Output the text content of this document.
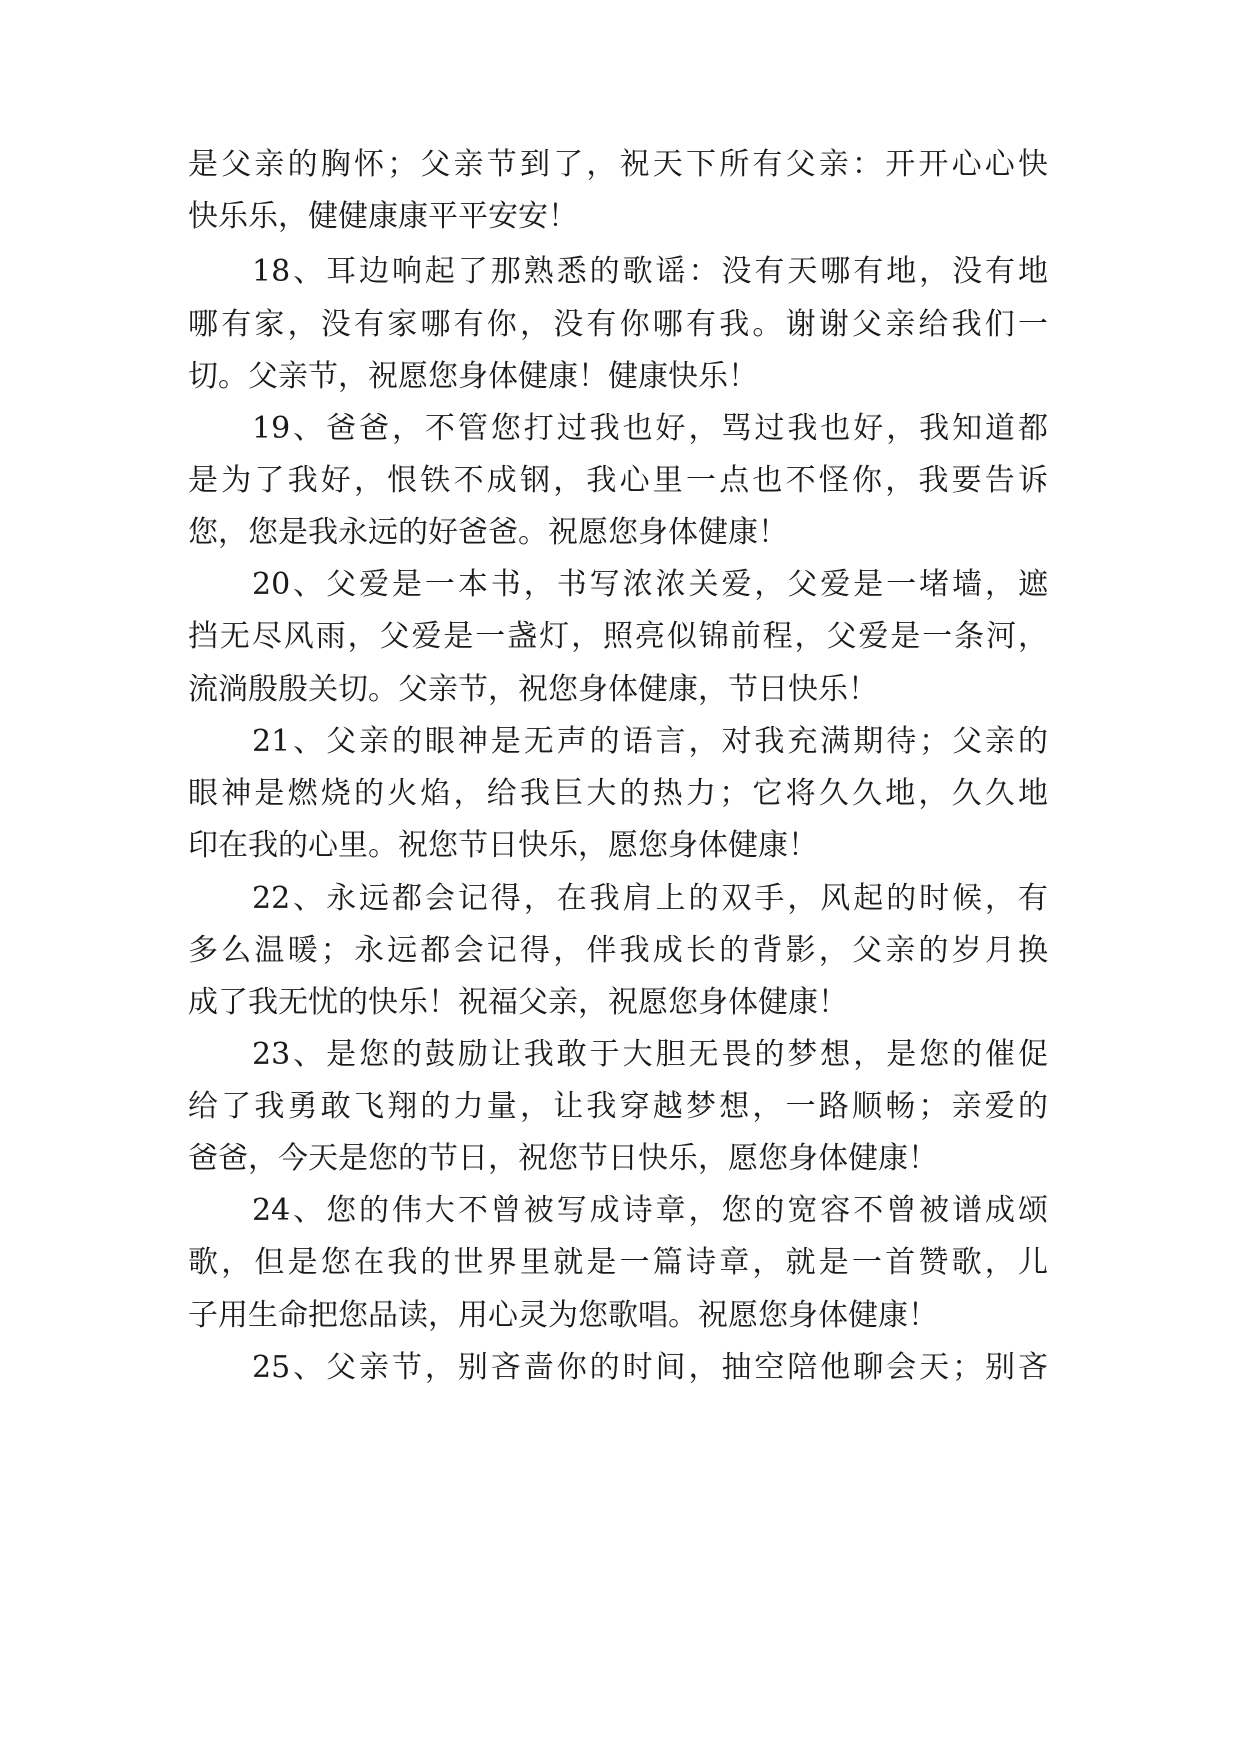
是父亲的胸怀；父亲节到了，祝天下所有父亲：开开心心快
快乐乐，健健康康平平安安！
18、耳边响起了那熟悉的歌谣：没有天哪有地，没有地
哪有家，没有家哪有你，没有你哪有我。谢谢父亲给我们一
切。父亲节，祝愿您身体健康！健康快乐！
19、爸爸，不管您打过我也好，骂过我也好，我知道都
是为了我好，恨铁不成钢，我心里一点也不怪你，我要告诉
您，您是我永远的好爸爸。祝愿您身体健康！
20、父爱是一本书，书写浓浓关爱，父爱是一堵墙，遮
挡无尽风雨，父爱是一盏灯，照亮似锦前程，父爱是一条河，
流淌殷殷关切。父亲节，祝您身体健康，节日快乐！
21、父亲的眼神是无声的语言，对我充满期待；父亲的
眼神是燃烧的火焰，给我巨大的热力；它将久久地，久久地
印在我的心里。祝您节日快乐，愿您身体健康！
22、永远都会记得，在我肩上的双手，风起的时候，有
多么温暖；永远都会记得，伴我成长的背影，父亲的岁月换
成了我无忧的快乐！祝福父亲，祝愿您身体健康！
23、是您的鼓励让我敢于大胆无畏的梦想，是您的催促
给了我勇敢飞翔的力量，让我穿越梦想，一路顺畅；亲爱的
爸爸，今天是您的节日，祝您节日快乐，愿您身体健康！
24、您的伟大不曾被写成诗章，您的宽容不曾被谱成颂
歌，但是您在我的世界里就是一篇诗章，就是一首赞歌，儿
子用生命把您品读，用心灵为您歌唱。祝愿您身体健康！
25、父亲节，别吝啬你的时间，抽空陪他聊会天；别吝
